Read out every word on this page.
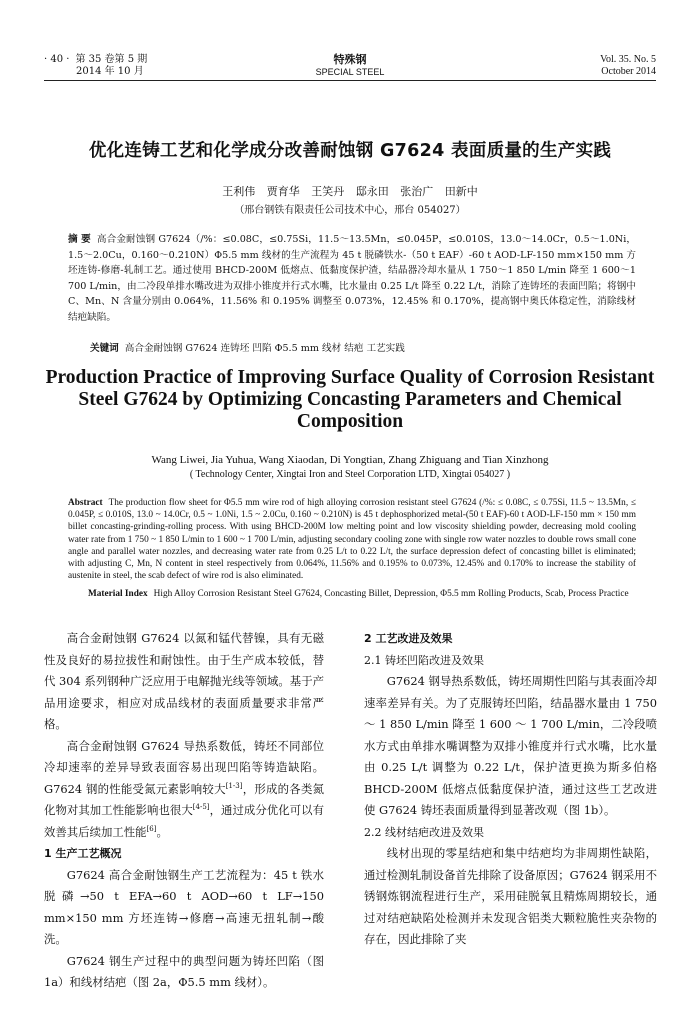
· 40 · 第 35 卷第 5 期
2014 年 10 月
特殊钢
SPECIAL STEEL
Vol. 35. No. 5
October 2014
优化连铸工艺和化学成分改善耐蚀钢 G7624 表面质量的生产实践
王利伟 贾育华 王笑丹 邸永田 张治广 田新中
（邢台钢铁有限责任公司技术中心，邢台 054027）
摘 要 高合金耐蚀钢 G7624（/%：≤0.08C，≤0.75Si，11.5～13.5Mn，≤0.045P，≤0.010S，13.0～14.0Cr，0.5～1.0Ni，1.5～2.0Cu，0.160～0.210N）Φ5.5 mm 线材的生产流程为 45 t 脱磷铁水-（50 t EAF）-60 t AOD-LF-150 mm×150 mm 方坯连铸-修磨-轧制工艺。通过使用 BHCD-200M 低熔点、低黏度保护渣，结晶器冷却水量从 1 750～1 850 L/min 降至 1 600～1 700 L/min，由二冷段单排水嘴改进为双排小锥度并行式水嘴，比水量由 0.25 L/t 降至 0.22 L/t，消除了连铸坯的表面凹陷；将钢中 C、Mn、N 含量分别由 0.064%，11.56% 和 0.195% 调整至 0.073%，12.45% 和 0.170%，提高钢中奥氏体稳定性，消除线材结疤缺陷。
关键词 高合金耐蚀钢 G7624 连铸坯 凹陷 Φ5.5 mm 线材 结疤 工艺实践
Production Practice of Improving Surface Quality of Corrosion Resistant Steel G7624 by Optimizing Concasting Parameters and Chemical Composition
Wang Liwei, Jia Yuhua, Wang Xiaodan, Di Yongtian, Zhang Zhiguang and Tian Xinzhong
( Technology Center, Xingtai Iron and Steel Corporation LTD, Xingtai 054027 )
Abstract The production flow sheet for Φ5.5 mm wire rod of high alloying corrosion resistant steel G7624 (/%: ≤ 0.08C, ≤ 0.75Si, 11.5 ~ 13.5Mn, ≤ 0.045P, ≤ 0.010S, 13.0 ~ 14.0Cr, 0.5 ~ 1.0Ni, 1.5 ~ 2.0Cu, 0.160 ~ 0.210N) is 45 t dephosphorized metal-(50 t EAF)-60 t AOD-LF-150 mm × 150 mm billet concasting-grinding-rolling process. With using BHCD-200M low melting point and low viscosity shielding powder, decreasing mold cooling water rate from 1 750 ~ 1 850 L/min to 1 600 ~ 1 700 L/min, adjusting secondary cooling zone with single row water nozzles to double rows small cone angle and parallel water nozzles, and decreasing water rate from 0.25 L/t to 0.22 L/t, the surface depression defect of concasting billet is eliminated; with adjusting C, Mn, N content in steel respectively from 0.064%, 11.56% and 0.195% to 0.073%, 12.45% and 0.170% to increase the stability of austenite in steel, the scab defect of wire rod is also eliminated.
Material Index High Alloy Corrosion Resistant Steel G7624, Concasting Billet, Depression, Φ5.5 mm Rolling Products, Scab, Process Practice

高合金耐蚀钢 G7624 以氮和锰代替镍，具有无磁性及良好的易拉拔性和耐蚀性。由于生产成本较低，替代 304 系列钢种广泛应用于电解抛光线等领域。基于产品用途要求，相应对成品线材的表面质量要求非常严格。

高合金耐蚀钢 G7624 导热系数低，铸坯不同部位冷却速率的差异导致表面容易出现凹陷等铸造缺陷。G7624 钢的性能受氮元素影响较大[1-3]，形成的各类氮化物对其加工性能影响也很大[4-5]，通过成分优化可以有效善其后续加工性能[6]。

1 生产工艺概况

G7624 高合金耐蚀钢生产工艺流程为：45 t 铁水脱磷→50 t EFA→60 t AOD→60 t LF→150 mm×150 mm 方坯连铸→修磨→高速无扭轧制→酸洗。

G7624 钢生产过程中的典型问题为铸坯凹陷（图 1a）和线材结疤（图 2a，Φ5.5 mm 线材）。

2 工艺改进及效果
2.1 铸坯凹陷改进及效果

G7624 钢导热系数低，铸坯周期性凹陷与其表面冷却速率差异有关。为了克服铸坯凹陷，结晶器水量由 1 750 ～ 1 850 L/min 降至 1 600 ～ 1 700 L/min，二冷段喷水方式由单排水嘴调整为双排小锥度并行式水嘴，比水量由 0.25 L/t 调整为 0.22 L/t，保护渣更换为斯多伯格 BHCD-200M 低熔点低黏度保护渣，通过这些工艺改进使 G7624 铸坯表面质量得到显著改观（图 1b）。

2.2 线材结疤改进及效果

线材出现的零星结疤和集中结疤均为非周期性缺陷，通过检测轧制设备首先排除了设备原因；G7624 钢采用不锈钢炼钢流程进行生产，采用硅脱氧且精炼周期较长，通过对结疤缺陷处检测并未发现含铝类大颗粒脆性夹杂物的存在，因此排除了夹
